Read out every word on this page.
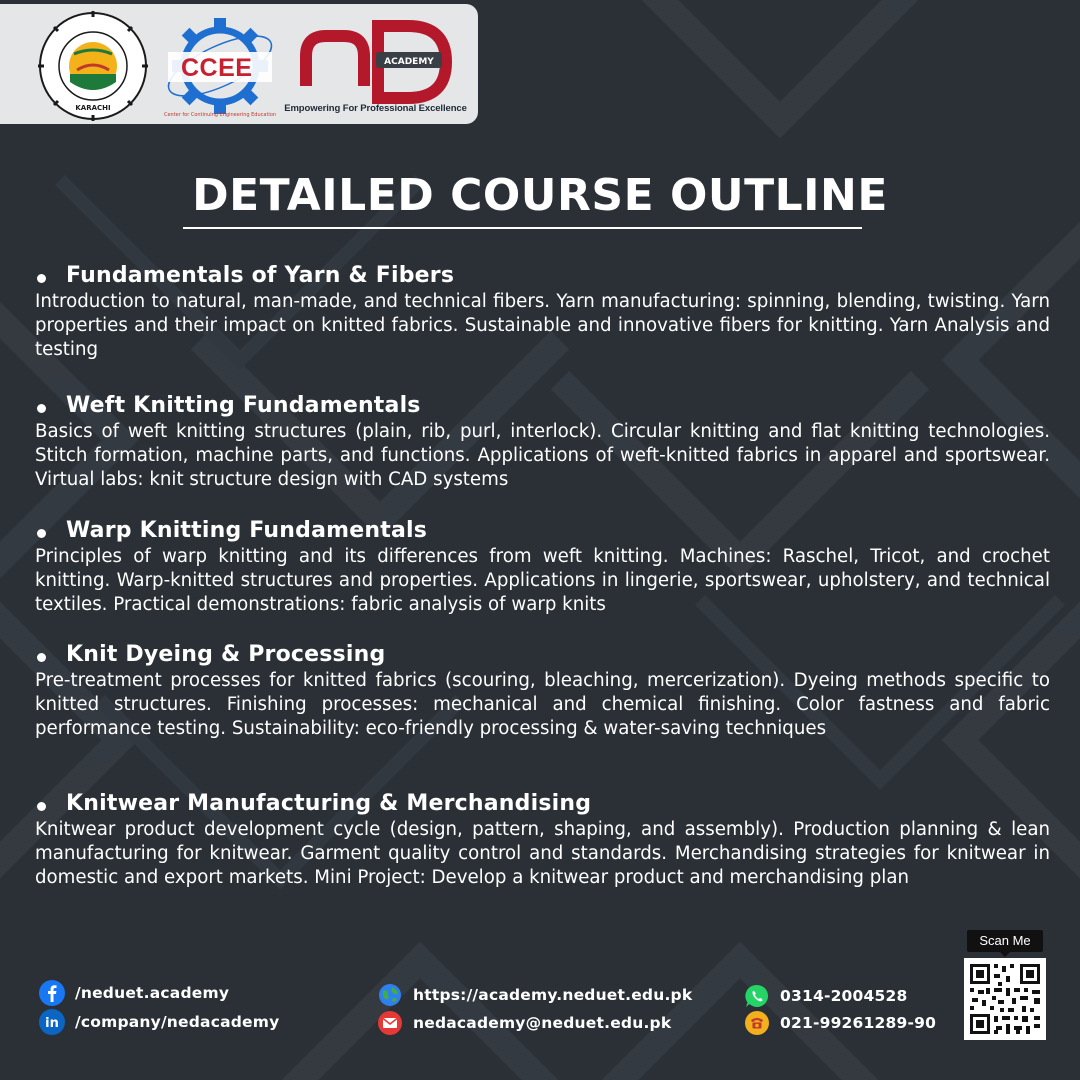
KARACHI
CCEE
Center for Continuing Engineering Education
ACADEMY
Empowering For Professional Excellence
DETAILED COURSE OUTLINE
Fundamentals of Yarn & Fibers
Introduction to natural, man-made, and technical fibers. Yarn manufacturing: spinning, blending, twisting. Yarn properties and their impact on knitted fabrics. Sustainable and innovative fibers for knitting. Yarn Analysis and testing
Weft Knitting Fundamentals
Basics of weft knitting structures (plain, rib, purl, interlock). Circular knitting and flat knitting technologies. Stitch formation, machine parts, and functions. Applications of weft-knitted fabrics in apparel and sportswear. Virtual labs: knit structure design with CAD systems
Warp Knitting Fundamentals
Principles of warp knitting and its differences from weft knitting. Machines: Raschel, Tricot, and crochet knitting. Warp-knitted structures and properties. Applications in lingerie, sportswear, upholstery, and technical textiles. Practical demonstrations: fabric analysis of warp knits
Knit Dyeing & Processing
Pre-treatment processes for knitted fabrics (scouring, bleaching, mercerization). Dyeing methods specific to knitted structures. Finishing processes: mechanical and chemical finishing. Color fastness and fabric performance testing. Sustainability: eco-friendly processing & water-saving techniques
Knitwear Manufacturing & Merchandising
Knitwear product development cycle (design, pattern, shaping, and assembly). Production planning & lean manufacturing for knitwear. Garment quality control and standards. Merchandising strategies for knitwear in domestic and export markets. Mini Project: Develop a knitwear product and merchandising plan
/neduet.academy
in /company/nedacademy
https://academy.neduet.edu.pk
nedacademy@neduet.edu.pk
0314-2004528
021-99261289-90
Scan Me
